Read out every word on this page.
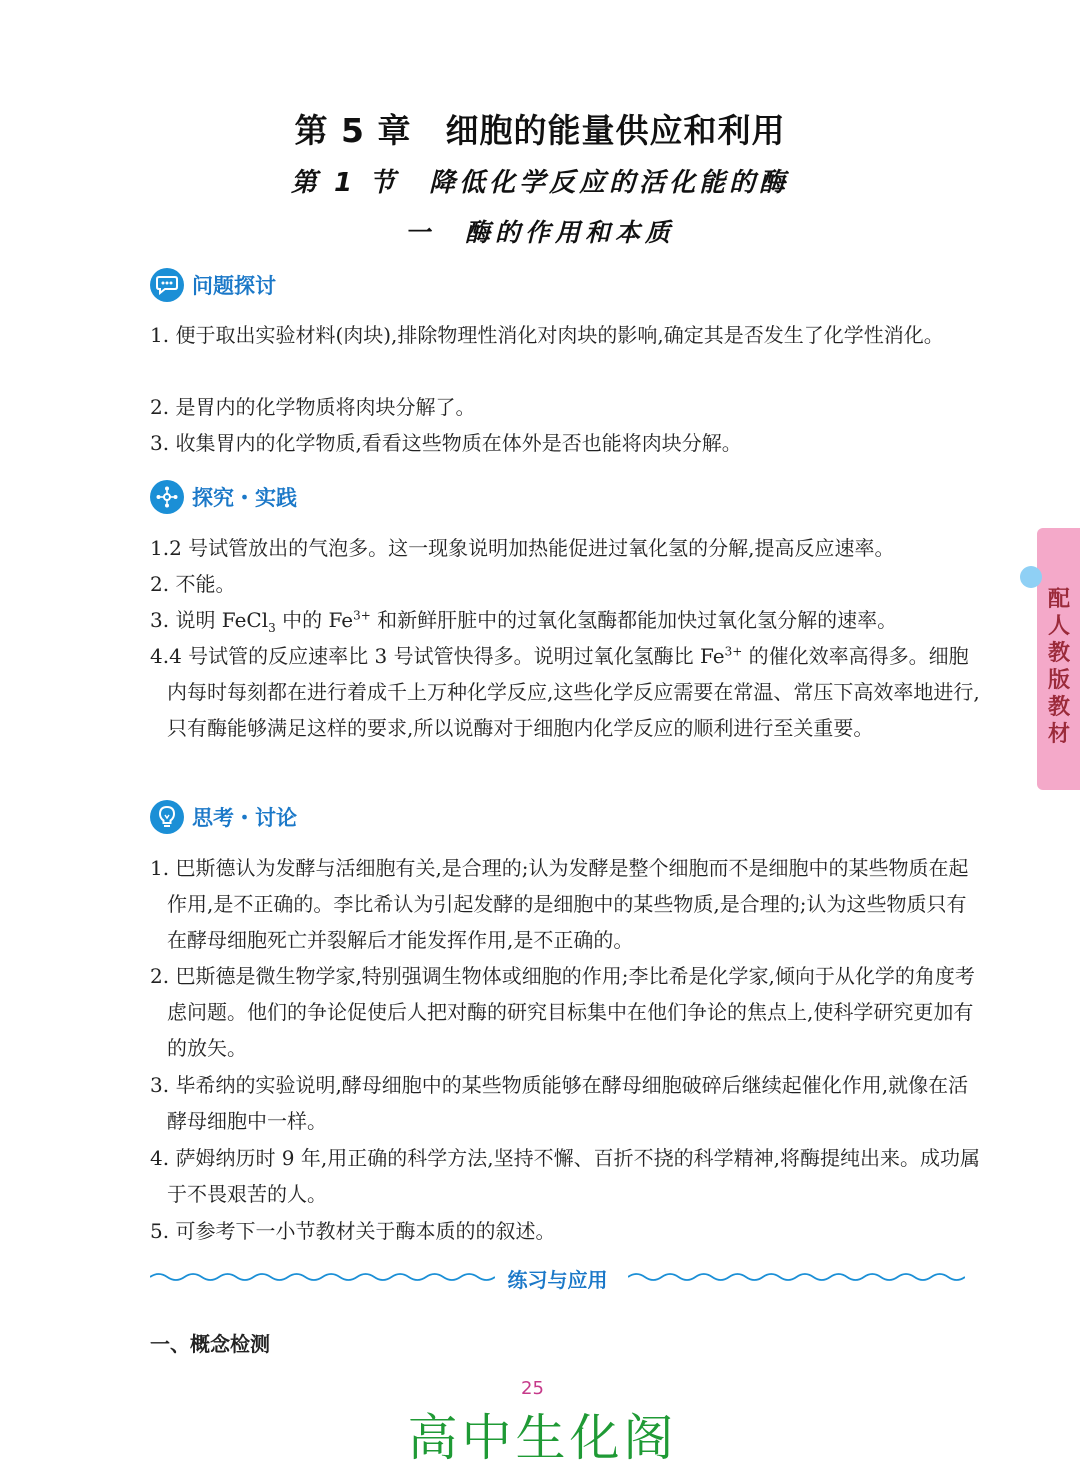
第 5 章　细胞的能量供应和利用
第 1 节　降低化学反应的活化能的酶
一　酶的作用和本质
问题探讨
1. 便于取出实验材料(肉块),排除物理性消化对肉块的影响,确定其是否发生了化学性消化。
2. 是胃内的化学物质将肉块分解了。
3. 收集胃内的化学物质,看看这些物质在体外是否也能将肉块分解。
探究・实践
1.2 号试管放出的气泡多。这一现象说明加热能促进过氧化氢的分解,提高反应速率。
2. 不能。
3. 说明 FeCl$_3$ 中的 $Fe^{3+}$ 和新鲜肝脏中的过氧化氢酶都能加快过氧化氢分解的速率。
4.4 号试管的反应速率比 3 号试管快得多。说明过氧化氢酶比 $Fe^{3+}$ 的催化效率高得多。细胞内每时每刻都在进行着成千上万种化学反应,这些化学反应需要在常温、常压下高效率地进行,只有酶能够满足这样的要求,所以说酶对于细胞内化学反应的顺利进行至关重要。
思考・讨论
1. 巴斯德认为发酵与活细胞有关,是合理的;认为发酵是整个细胞而不是细胞中的某些物质在起作用,是不正确的。李比希认为引起发酵的是细胞中的某些物质,是合理的;认为这些物质只有在酵母细胞死亡并裂解后才能发挥作用,是不正确的。
2. 巴斯德是微生物学家,特别强调生物体或细胞的作用;李比希是化学家,倾向于从化学的角度考虑问题。他们的争论促使后人把对酶的研究目标集中在他们争论的焦点上,使科学研究更加有的放矢。
3. 毕希纳的实验说明,酵母细胞中的某些物质能够在酵母细胞破碎后继续起催化作用,就像在活酵母细胞中一样。
4. 萨姆纳历时 9 年,用正确的科学方法,坚持不懈、百折不挠的科学精神,将酶提纯出来。成功属于不畏艰苦的人。
5. 可参考下一小节教材关于酶本质的的叙述。
练习与应用
一、概念检测
配人教版教材
25
高中生化阁
